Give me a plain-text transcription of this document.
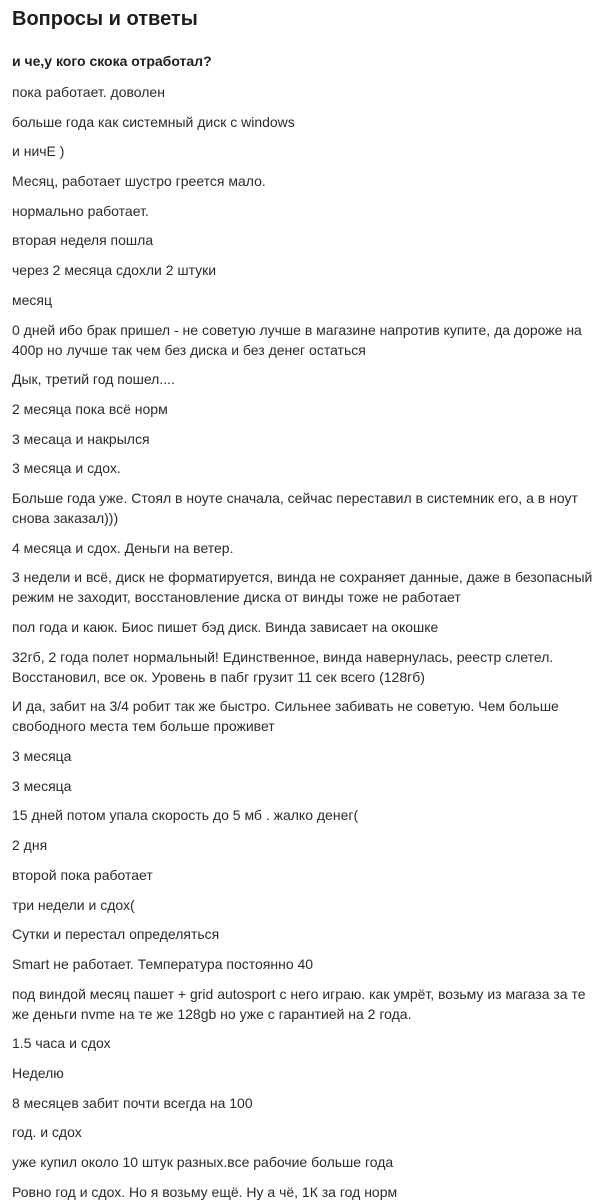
Вопросы и ответы
и че,у кого скока отработал?
пока работает. доволен
больше года как системный диск с windows
и ничЕ )
Месяц, работает шустро греется мало.
нормально работает.
вторая неделя пошла
через 2 месяца сдохли 2 штуки
месяц
0 дней ибо брак пришел - не советую лучше в магазине напротив купите, да дороже на 400р но лучше так чем без диска и без денег остаться
Дык, третий год пошел....
2 месяца пока всё норм
3 месаца и накрылся
3 месяца и сдох.
Больше года уже. Стоял в ноуте сначала, сейчас переставил в системник его, а в ноут снова заказал)))
4 месяца и сдох. Деньги на ветер.
3 недели и всё, диск не форматируется, винда не сохраняет данные, даже в безопасный режим не заходит, восстановление диска от винды тоже не работает
пол года и каюк. Биос пишет бэд диск. Винда зависает на окошке
32гб, 2 года полет нормальный! Единственное, винда навернулась, реестр слетел. Восстановил, все ок. Уровень в пабг грузит 11 сек всего (128гб)
И да, забит на 3/4 робит так же быстро. Сильнее забивать не советую. Чем больше свободного места тем больше проживет
3 месяца
3 месяца
15 дней потом упала скорость до 5 мб . жалко денег(
2 дня
второй пока работает
три недели и сдох(
Сутки и перестал определяться
Smart не работает. Температура постоянно 40
под виндой месяц пашет + grid autosport с него играю. как умрёт, возьму из магаза за те же деньги nvme на те же 128gb но уже с гарантией на 2 года.
1.5 часа и сдох
Неделю
8 месяцев забит почти всегда на 100
год. и сдох
уже купил около 10 штук разных.все рабочие больше года
Ровно год и сдох. Но я возьму ещё. Ну а чё, 1К за год норм
